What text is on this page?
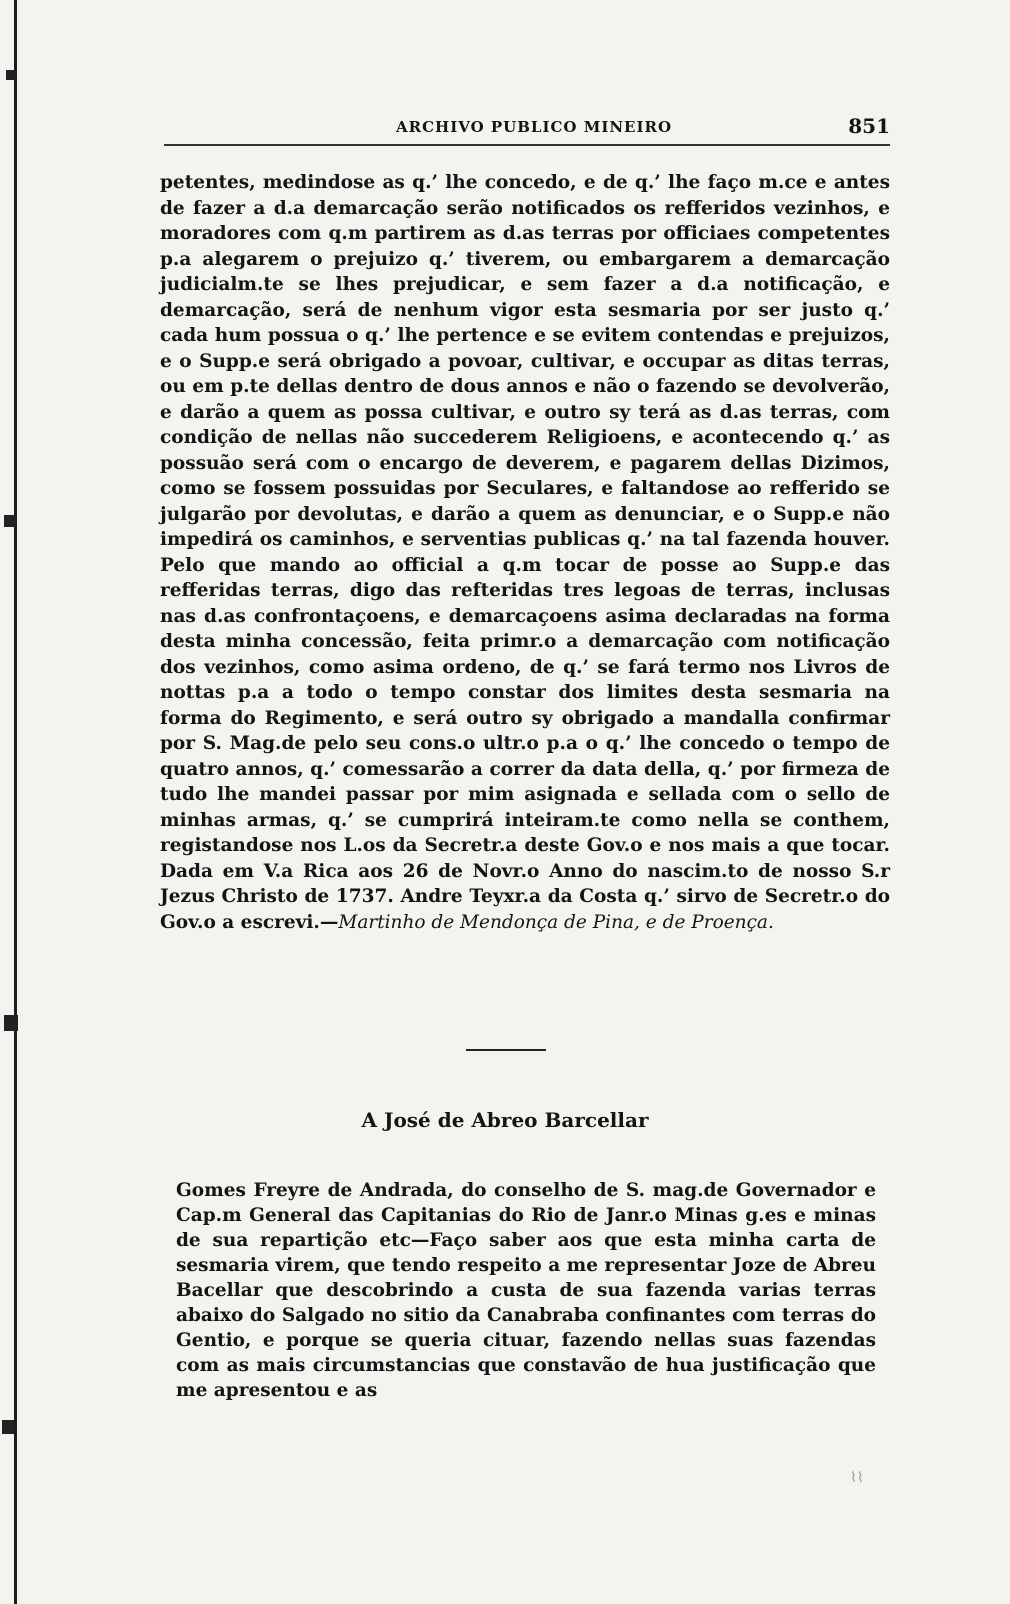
ARCHIVO PUBLICO MINEIRO	851
petentes, medindose as q.’ lhe concedo, e de q.’ lhe faço m.ce e antes de fazer a d.a demarcação serão notificados os refferidos vezinhos, e moradores com q.m partirem as d.as terras por officiaes competentes p.a alegarem o prejuizo q.’ tiverem, ou embargarem a demarcação judicialm.te se lhes prejudicar, e sem fazer a d.a notificação, e demarcação, será de nenhum vigor esta sesmaria por ser justo q.’ cada hum possua o q.’ lhe pertence e se evitem contendas e prejuizos, e o Supp.e será obrigado a povoar, cultivar, e occupar as ditas terras, ou em p.te dellas dentro de dous annos e não o fazendo se devolverão, e darão a quem as possa cultivar, e outro sy terá as d.as terras, com condição de nellas não succederem Religioens, e acontecendo q.’ as possuão será com o encargo de deverem, e pagarem dellas Dizimos, como se fossem possuidas por Seculares, e faltandose ao refferido se julgarão por devolutas, e darão a quem as denunciar, e o Supp.e não impedirá os caminhos, e serventias publicas q.’ na tal fazenda houver. Pelo que mando ao official a q.m tocar de posse ao Supp.e das refferidas terras, digo das refteridas tres legoas de terras, inclusas nas d.as confrontaçoens, e demarcaçoens asima declaradas na forma desta minha concessão, feita primr.o a demarcação com notificação dos vezinhos, como asima ordeno, de q.’ se fará termo nos Livros de nottas p.a a todo o tempo constar dos limites desta sesmaria na forma do Regimento, e será outro sy obrigado a mandalla confirmar por S. Mag.de pelo seu cons.o ultr.o p.a o q.’ lhe concedo o tempo de quatro annos, q.’ comessarão a correr da data della, q.’ por firmeza de tudo lhe mandei passar por mim asignada e sellada com o sello de minhas armas, q.’ se cumprirá inteiram.te como nella se conthem, registandose nos L.os da Secretr.a deste Gov.o e nos mais a que tocar. Dada em V.a Rica aos 26 de Novr.o Anno do nascim.to de nosso S.r Jezus Christo de 1737. Andre Teyxr.a da Costa q.’ sirvo de Secretr.o do Gov.o a escrevi.—Martinho de Mendonça de Pina, e de Proença.
A José de Abreo Barcellar
Gomes Freyre de Andrada, do conselho de S. mag.de Governador e Cap.m General das Capitanias do Rio de Janr.o Minas g.es e minas de sua repartição etc—Faço saber aos que esta minha carta de sesmaria virem, que tendo respeito a me representar Joze de Abreu Bacellar que descobrindo a custa de sua fazenda varias terras abaixo do Salgado no sitio da Canabraba confinantes com terras do Gentio, e porque se queria cituar, fazendo nellas suas fazendas com as mais circumstancias que constavão de hua justificação que me apresentou e as
⌇⌇
